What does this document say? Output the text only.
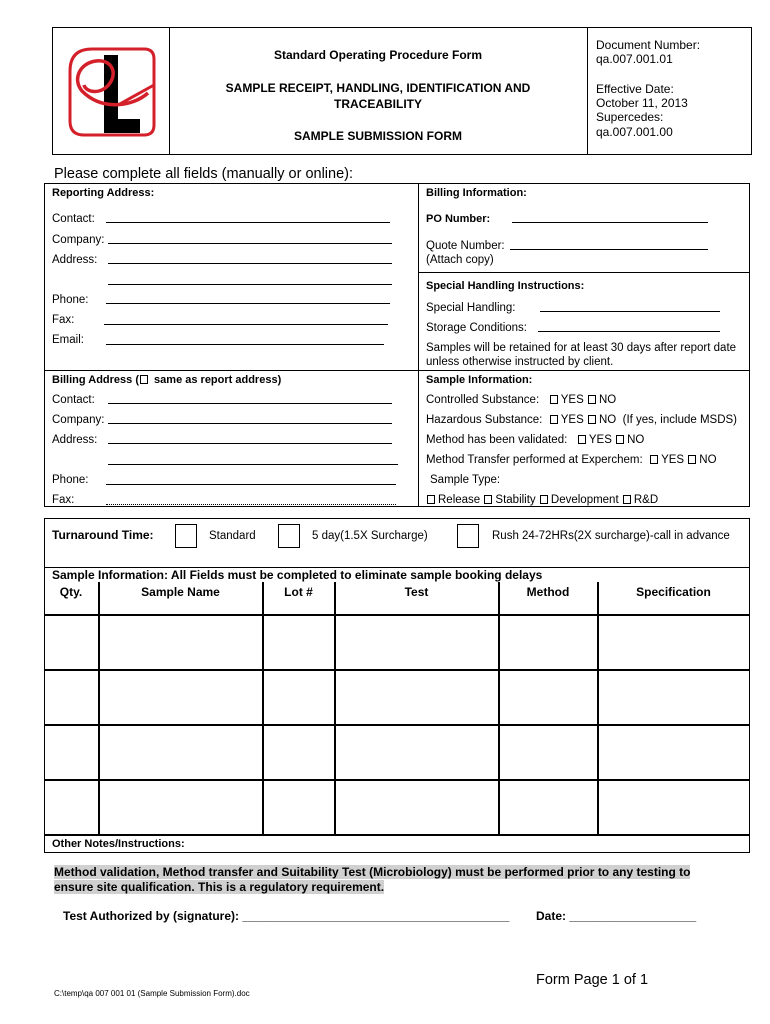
Standard Operating Procedure Form
SAMPLE RECEIPT, HANDLING, IDENTIFICATION AND
TRACEABILITY
SAMPLE SUBMISSION FORM
Document Number:
qa.007.001.01
Effective Date:
October 11, 2013
Supercedes:
qa.007.001.00
Please complete all fields (manually or online):
Reporting Address:
Contact:
Company:
Address:
Phone:
Fax:
Email:
Billing Information:
PO Number:
Quote Number:
(Attach copy)
Special Handling Instructions:
Special Handling:
Storage Conditions:
Samples will be retained for at least 30 days after report date
unless otherwise instructed by client.
Billing Address ( same as report address)
Contact:
Company:
Address:
Phone:
Fax:
Sample Information:
Controlled Substance: YES NO
Hazardous Substance: YES NO (If yes, include MSDS)
Method has been validated: YES NO
Method Transfer performed at Experchem: YES NO
Sample Type:
Release Stability Development R&D
Turnaround Time:	Standard	5 day(1.5X Surcharge)	Rush 24-72HRs(2X surcharge)-call in advance
Sample Information: All Fields must be completed to eliminate sample booking delays
Qty.	Sample Name	Lot #	Test	Method	Specification
Other Notes/Instructions:
Method validation, Method transfer and Suitability Test (Microbiology) must be performed prior to any testing to
ensure site qualification. This is a regulatory requirement.
Test Authorized by (signature): ________________________________________ Date: ___________________
Form Page 1 of 1
C:\temp\qa 007 001 01 (Sample Submission Form).doc
